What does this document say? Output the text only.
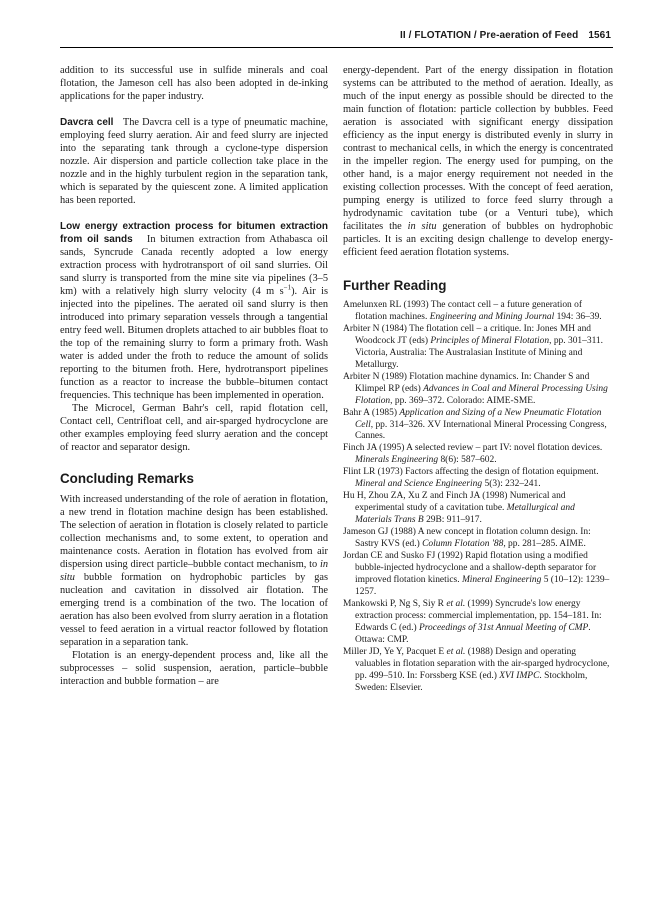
II / FLOTATION / Pre-aeration of Feed 1561

addition to its successful use in sulfide minerals and coal flotation, the Jameson cell has also been adopted in de-inking applications for the paper industry.

Davcra cell The Davcra cell is a type of pneumatic machine, employing feed slurry aeration. Air and feed slurry are injected into the separating tank through a cyclone-type dispersion nozzle. Air dispersion and particle collection take place in the nozzle and in the highly turbulent region in the separation tank, which is separated by the quiescent zone. A limited application has been reported.

Low energy extraction process for bitumen extraction from oil sands In bitumen extraction from Athabasca oil sands, Syncrude Canada recently adopted a low energy extraction process with hydrotransport of oil sand slurries. Oil sand slurry is transported from the mine site via pipelines (3–5 km) with a relatively high slurry velocity (4 m $s^{-1}$). Air is injected into the pipelines. The aerated oil sand slurry is then introduced into primary separation vessels through a tangential entry feed well. Bitumen droplets attached to air bubbles float to the top of the remaining slurry to form a primary froth. Wash water is added under the froth to reduce the amount of solids reporting to the bitumen froth. Here, hydrotransport pipelines function as a reactor to increase the bubble–bitumen contact frequencies. This technique has been implemented in operation.

The Microcel, German Bahr's cell, rapid flotation cell, Contact cell, Centrifloat cell, and air-sparged hydrocyclone are other examples employing feed slurry aeration and the concept of reactor and separator design.

Concluding Remarks

With increased understanding of the role of aeration in flotation, a new trend in flotation machine design has been established. The selection of aeration in flotation is closely related to particle collection mechanisms and, to some extent, to operation and maintenance costs. Aeration in flotation has evolved from air dispersion using direct particle–bubble contact mechanism, to in situ bubble formation on hydrophobic particles by gas nucleation and cavitation in dissolved air flotation. The emerging trend is a combination of the two. The location of aeration has also been evolved from slurry aeration in a flotation vessel to feed aeration in a virtual reactor followed by flotation separation in a separation tank.

Flotation is an energy-dependent process and, like all the subprocesses – solid suspension, aeration, particle–bubble interaction and bubble formation – are

energy-dependent. Part of the energy dissipation in flotation systems can be attributed to the method of aeration. Ideally, as much of the input energy as possible should be directed to the main function of flotation: particle collection by bubbles. Feed aeration is associated with significant energy dissipation efficiency as the input energy is distributed evenly in slurry in contrast to mechanical cells, in which the energy is concentrated in the impeller region. The energy used for pumping, on the other hand, is a major energy requirement not needed in the existing collection processes. With the concept of feed aeration, pumping energy is utilized to force feed slurry through a hydrodynamic cavitation tube (or a Venturi tube), which facilitates the in situ generation of bubbles on hydrophobic particles. It is an exciting design challenge to develop energy-efficient feed aeration flotation systems.

Further Reading

Amelunxen RL (1993) The contact cell – a future generation of flotation machines. Engineering and Mining Journal 194: 36–39.

Arbiter N (1984) The flotation cell – a critique. In: Jones MH and Woodcock JT (eds) Principles of Mineral Flotation, pp. 301–311. Victoria, Australia: The Australasian Institute of Mining and Metallurgy.

Arbiter N (1989) Flotation machine dynamics. In: Chander S and Klimpel RP (eds) Advances in Coal and Mineral Processing Using Flotation, pp. 369–372. Colorado: AIME-SME.

Bahr A (1985) Application and Sizing of a New Pneumatic Flotation Cell, pp. 314–326. XV International Mineral Processing Congress, Cannes.

Finch JA (1995) A selected review – part IV: novel flotation devices. Minerals Engineering 8(6): 587–602.

Flint LR (1973) Factors affecting the design of flotation equipment. Mineral and Science Engineering 5(3): 232–241.

Hu H, Zhou ZA, Xu Z and Finch JA (1998) Numerical and experimental study of a cavitation tube. Metallurgical and Materials Trans B 29B: 911–917.

Jameson GJ (1988) A new concept in flotation column design. In: Sastry KVS (ed.) Column Flotation '88, pp. 281–285. AIME.

Jordan CE and Susko FJ (1992) Rapid flotation using a modified bubble-injected hydrocyclone and a shallow-depth separator for improved flotation kinetics. Mineral Engineering 5 (10–12): 1239–1257.

Mankowski P, Ng S, Siy R et al. (1999) Syncrude's low energy extraction process: commercial implementation, pp. 154–181. In: Edwards C (ed.) Proceedings of 31st Annual Meeting of CMP. Ottawa: CMP.

Miller JD, Ye Y, Pacquet E et al. (1988) Design and operating valuables in flotation separation with the air-sparged hydrocyclone, pp. 499–510. In: Forssberg KSE (ed.) XVI IMPC. Stockholm, Sweden: Elsevier.
